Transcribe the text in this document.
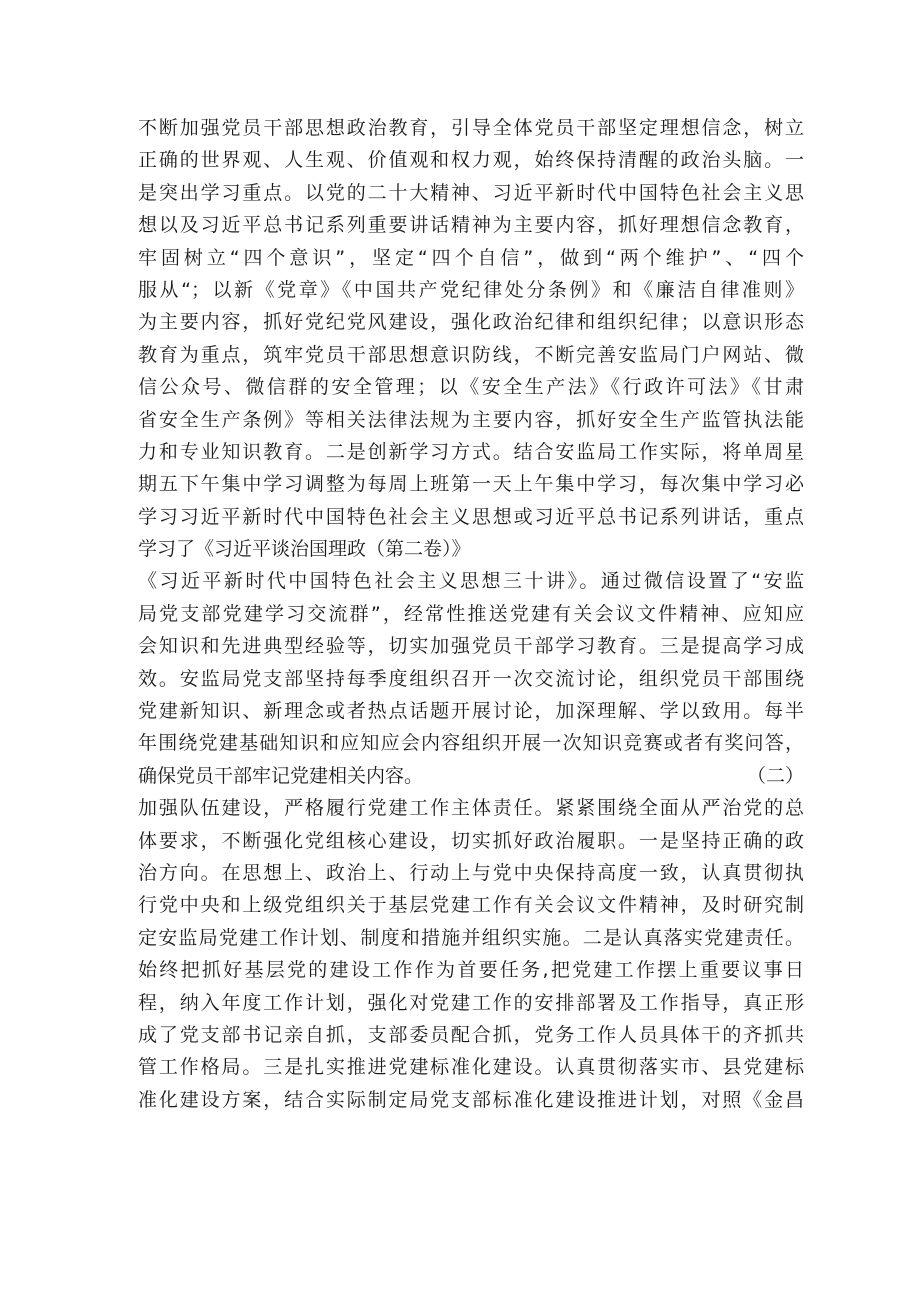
不断加强党员干部思想政治教育，引导全体党员干部坚定理想信念，树立
正确的世界观、人生观、价值观和权力观，始终保持清醒的政治头脑。一
是突出学习重点。以党的二十大精神、习近平新时代中国特色社会主义思
想以及习近平总书记系列重要讲话精神为主要内容，抓好理想信念教育，
牢固树立“四个意识”，坚定“四个自信”，做到“两个维护”、“四个
服从“；以新《党章》《中国共产党纪律处分条例》和《廉洁自律准则》
为主要内容，抓好党纪党风建设，强化政治纪律和组织纪律；以意识形态
教育为重点，筑牢党员干部思想意识防线，不断完善安监局门户网站、微
信公众号、微信群的安全管理；以《安全生产法》《行政许可法》《甘肃
省安全生产条例》等相关法律法规为主要内容，抓好安全生产监管执法能
力和专业知识教育。二是创新学习方式。结合安监局工作实际，将单周星
期五下午集中学习调整为每周上班第一天上午集中学习，每次集中学习必
学习习近平新时代中国特色社会主义思想或习近平总书记系列讲话，重点
学习了《习近平谈治国理政（第二卷）》
《习近平新时代中国特色社会主义思想三十讲》。通过微信设置了“安监
局党支部党建学习交流群”，经常性推送党建有关会议文件精神、应知应
会知识和先进典型经验等，切实加强党员干部学习教育。三是提高学习成
效。安监局党支部坚持每季度组织召开一次交流讨论，组织党员干部围绕
党建新知识、新理念或者热点话题开展讨论，加深理解、学以致用。每半
年围绕党建基础知识和应知应会内容组织开展一次知识竞赛或者有奖问答，
确保党员干部牢记党建相关内容。	（二）
加强队伍建设，严格履行党建工作主体责任。紧紧围绕全面从严治党的总
体要求，不断强化党组核心建设，切实抓好政治履职。一是坚持正确的政
治方向。在思想上、政治上、行动上与党中央保持高度一致，认真贯彻执
行党中央和上级党组织关于基层党建工作有关会议文件精神，及时研究制
定安监局党建工作计划、制度和措施并组织实施。二是认真落实党建责任。
始终把抓好基层党的建设工作作为首要任务,把党建工作摆上重要议事日
程，纳入年度工作计划，强化对党建工作的安排部署及工作指导，真正形
成了党支部书记亲自抓，支部委员配合抓，党务工作人员具体干的齐抓共
管工作格局。三是扎实推进党建标准化建设。认真贯彻落实市、县党建标
准化建设方案，结合实际制定局党支部标准化建设推进计划，对照《金昌
